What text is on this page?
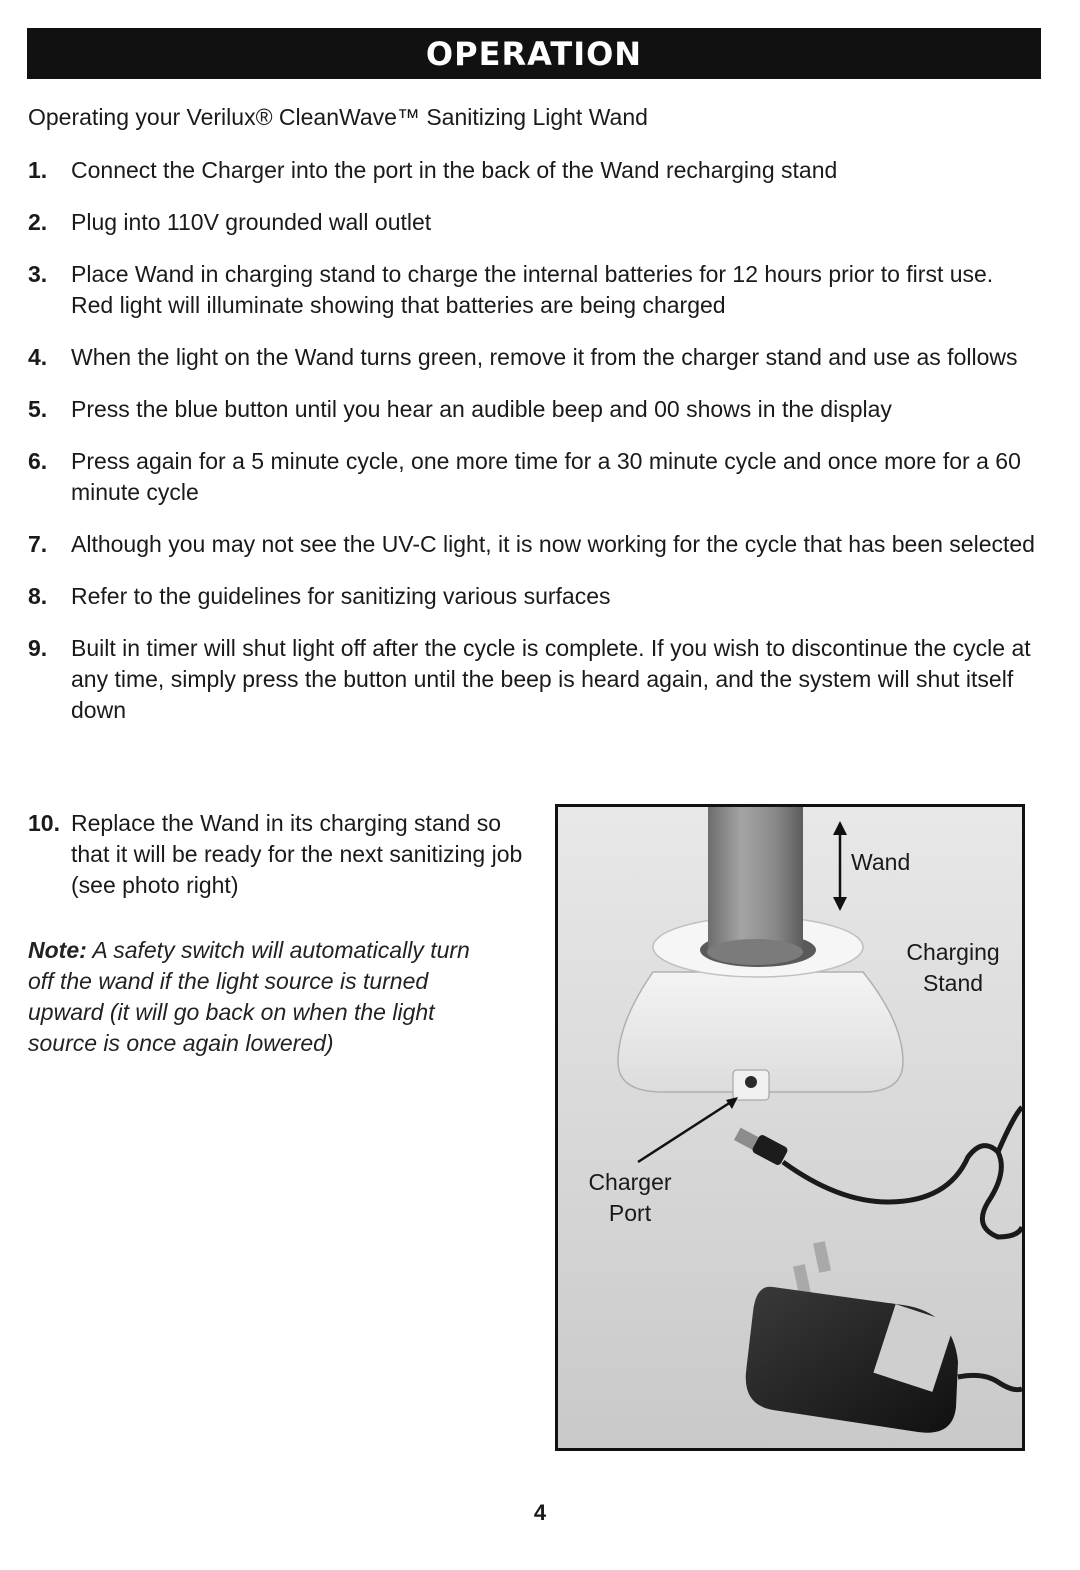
OPERATION
Operating your Verilux® CleanWave™ Sanitizing Light Wand
1.	Connect the Charger into the port in the back of the Wand recharging stand
2.	Plug into 110V grounded wall outlet
3.	Place Wand in charging stand to charge the internal batteries for 12 hours prior to first use. Red light will illuminate showing that batteries are being charged
4.	When the light on the Wand turns green, remove it from the charger stand and use as follows
5.	Press the blue button until you hear an audible beep and 00 shows in the display
6.	Press again for a 5 minute cycle, one more time for a 30 minute cycle and once more for a 60 minute cycle
7.	Although you may not see the UV-C light, it is now working for the cycle that has been selected
8.	Refer to the guidelines for sanitizing various surfaces
9.	Built in timer will shut light off after the cycle is complete. If you wish to discontinue the cycle at any time, simply press the button until the beep is heard again, and the system will shut itself down
10. Replace the Wand in its charging stand so that it will be ready for the next sanitizing job (see photo right)
Note: A safety switch will automatically turn off the wand if the light source is turned upward (it will go back on when the light source is once again lowered)
Wand
Charging
Stand
Charger
Port
4
